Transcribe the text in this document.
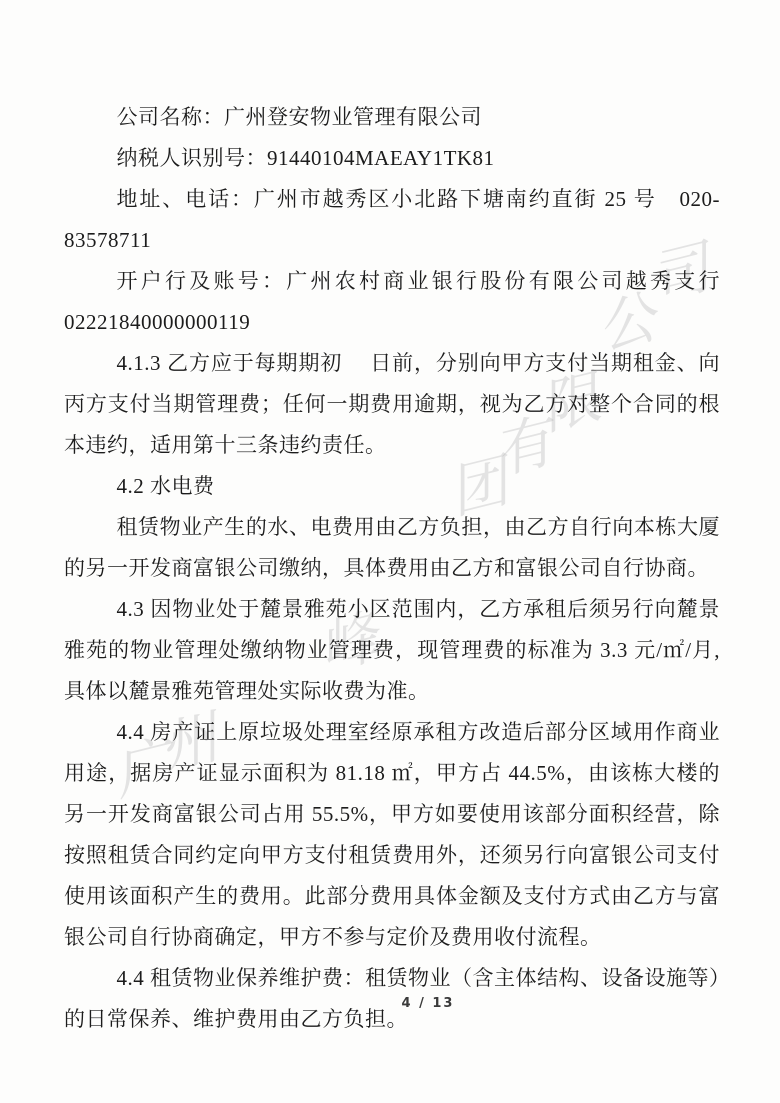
广
州
峰
团
有
限
公
司

公司名称：广州登安物业管理有限公司

纳税人识别号：91440104MAEAY1TK81

地址、电话：广州市越秀区小北路下塘南约直街 25 号　020-83578711

开户行及账号：广州农村商业银行股份有限公司越秀支行
02221840000000119

4.1.3 乙方应于每期期初　 日前，分别向甲方支付当期租金、向丙方支付当期管理费；任何一期费用逾期，视为乙方对整个合同的根本违约，适用第十三条违约责任。

4.2 水电费

租赁物业产生的水、电费用由乙方负担，由乙方自行向本栋大厦的另一开发商富银公司缴纳，具体费用由乙方和富银公司自行协商。

4.3 因物业处于麓景雅苑小区范围内，乙方承租后须另行向麓景雅苑的物业管理处缴纳物业管理费，现管理费的标准为 3.3 元/㎡/月,具体以麓景雅苑管理处实际收费为准。

4.4 房产证上原垃圾处理室经原承租方改造后部分区域用作商业用途，据房产证显示面积为 81.18 ㎡，甲方占 44.5%，由该栋大楼的另一开发商富银公司占用 55.5%，甲方如要使用该部分面积经营，除按照租赁合同约定向甲方支付租赁费用外，还须另行向富银公司支付使用该面积产生的费用。此部分费用具体金额及支付方式由乙方与富银公司自行协商确定，甲方不参与定价及费用收付流程。

4.4 租赁物业保养维护费：租赁物业（含主体结构、设备设施等）的日常保养、维护费用由乙方负担。

4 / 13
